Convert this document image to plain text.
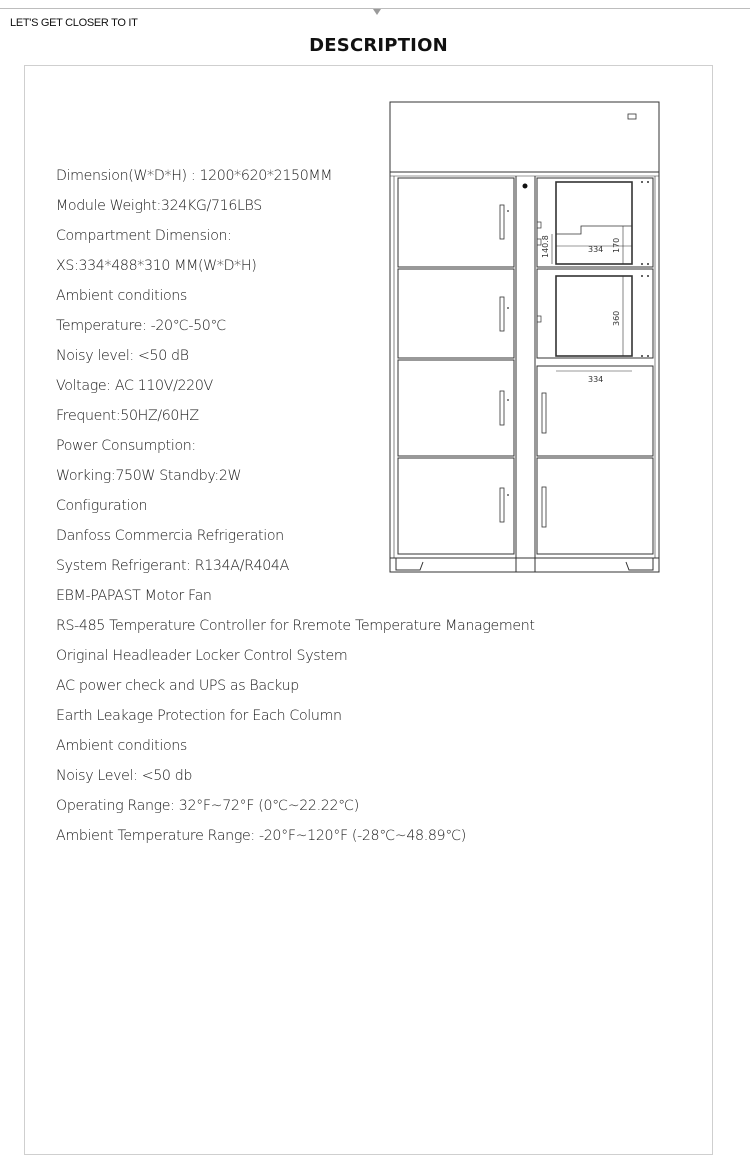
LET'S GET CLOSER TO IT
DESCRIPTION
Dimension(W*D*H) : 1200*620*2150MM
Module Weight:324KG/716LBS
Compartment Dimension:
XS:334*488*310 MM(W*D*H)
Ambient conditions
Temperature: -20℃-50℃
Noisy level: <50 dB
Voltage: AC 110V/220V
Frequent:50HZ/60HZ
Power Consumption:
Working:750W Standby:2W
Configuration
Danfoss Commercia Refrigeration
System Refrigerant: R134A/R404A
EBM-PAPAST Motor Fan
RS-485 Temperature Controller for Rremote Temperature Management
Original Headleader Locker Control System
AC power check and UPS as Backup
Earth Leakage Protection for Each Column
Ambient conditions
Noisy Level: <50 db
Operating Range: 32°F~72°F (0℃~22.22℃)
Ambient Temperature Range: -20°F~120°F (-28℃~48.89℃)
334 170
140.8
360
334
